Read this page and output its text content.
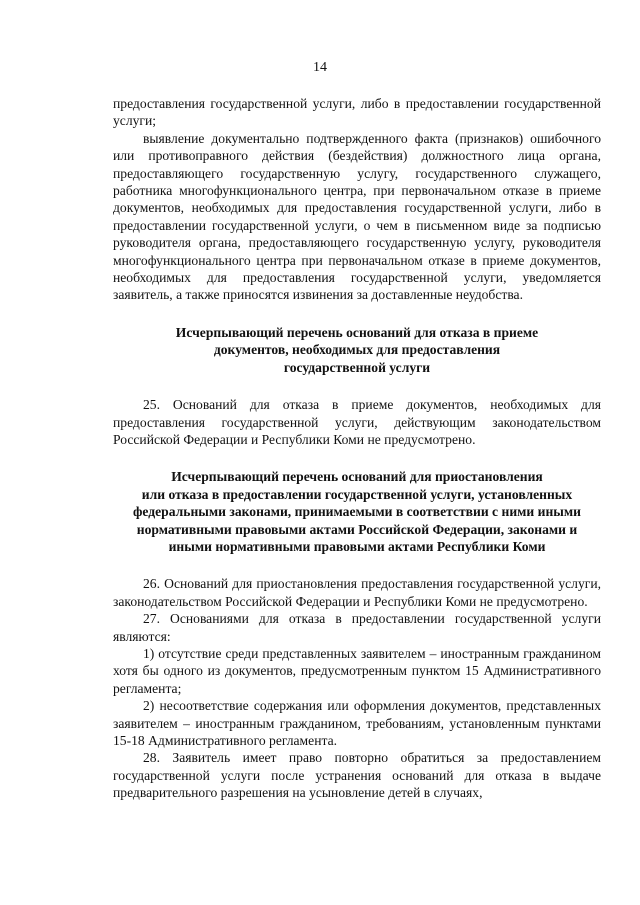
14

предоставления государственной услуги, либо в предоставлении государственной услуги;

выявление документально подтвержденного факта (признаков) ошибочного или противоправного действия (бездействия) должностного лица органа, предоставляющего государственную услугу, государственного служащего, работника многофункционального центра, при первоначальном отказе в приеме документов, необходимых для предоставления государственной услуги, либо в предоставлении государственной услуги, о чем в письменном виде за подписью руководителя органа, предоставляющего государственную услугу, руководителя многофункционального центра при первоначальном отказе в приеме документов, необходимых для предоставления государственной услуги, уведомляется заявитель, а также приносятся извинения за доставленные неудобства.

Исчерпывающий перечень оснований для отказа в приеме
документов, необходимых для предоставления
государственной услуги

25. Оснований для отказа в приеме документов, необходимых для предоставления государственной услуги, действующим законодательством Российской Федерации и Республики Коми не предусмотрено.

Исчерпывающий перечень оснований для приостановления
или отказа в предоставлении государственной услуги, установленных
федеральными законами, принимаемыми в соответствии с ними иными
нормативными правовыми актами Российской Федерации, законами и
иными нормативными правовыми актами Республики Коми

26. Оснований для приостановления предоставления государственной услуги, законодательством Российской Федерации и Республики Коми не предусмотрено.

27. Основаниями для отказа в предоставлении государственной услуги являются:

1) отсутствие среди представленных заявителем – иностранным гражданином хотя бы одного из документов, предусмотренным пунктом 15 Административного регламента;

2) несоответствие содержания или оформления документов, представленных заявителем – иностранным гражданином, требованиям, установленным пунктами 15-18 Административного регламента.

28. Заявитель имеет право повторно обратиться за предоставлением государственной услуги после устранения оснований для отказа в выдаче предварительного разрешения на усыновление детей в случаях,
